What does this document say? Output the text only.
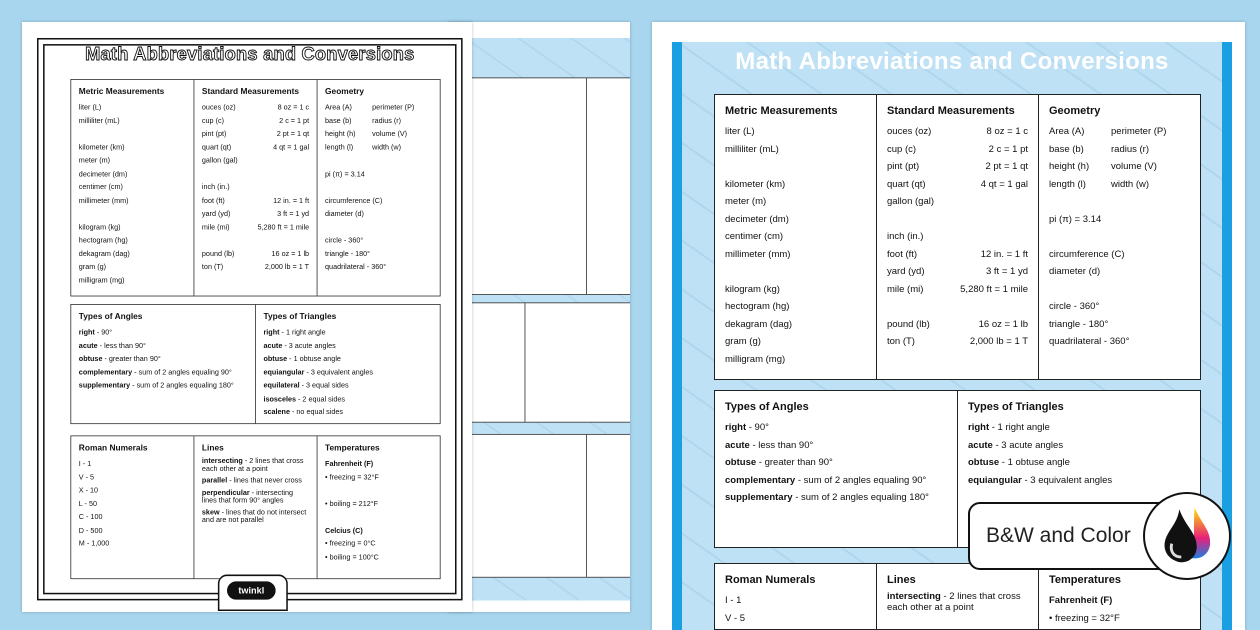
Math Abbreviations and Conversions
Metric Measurements
liter (L)
milliliter (mL)
kilometer (km)
meter (m)
decimeter (dm)
centimer (cm)
millimeter (mm)
kilogram (kg)
hectogram (hg)
dekagram (dag)
gram (g)
milligram (mg)
Standard Measurements
ouces (oz)	8 oz = 1 c
cup (c)	2 c = 1 pt
pint (pt)	2 pt = 1 qt
quart (qt)	4 qt = 1 gal
gallon (gal)
inch (in.)
foot (ft)	12 in. = 1 ft
yard (yd)	3 ft = 1 yd
mile (mi)	5,280 ft = 1 mile
pound (lb)	16 oz = 1 lb
ton (T)	2,000 lb = 1 T
Geometry
Area (A) perimeter (P)
base (b) radius (r)
height (h) volume (V)
length (l) width (w)
pi (π) = 3.14
circumference (C)
diameter (d)
circle - 360°
triangle - 180°
quadrilateral - 360°
Types of Angles
right - 90°
acute - less than 90°
obtuse - greater than 90°
complementary - sum of 2 angles equaling 90°
supplementary - sum of 2 angles equaling 180°
Types of Triangles
right - 1 right angle
acute - 3 acute angles
obtuse - 1 obtuse angle
equiangular - 3 equivalent angles
equilateral - 3 equal sides
isosceles - 2 equal sides
scalene - no equal sides
Roman Numerals
I - 1
V - 5
X - 10
L - 50
C - 100
D - 500
M - 1,000
Lines
intersecting - 2 lines that cross each other at a point
parallel - lines that never cross
perpendicular - intersecting lines that form 90° angles
skew - lines that do not intersect and are not parallel
Temperatures
Fahrenheit (F)
• freezing = 32°F
• boiling = 212°F
Celcius (C)
• freezing = 0°C
• boiling = 100°C
twinkl
Math Abbreviations and Conversions
Metric Measurements
liter (L)
milliliter (mL)
kilometer (km)
meter (m)
decimeter (dm)
centimer (cm)
millimeter (mm)
kilogram (kg)
hectogram (hg)
dekagram (dag)
gram (g)
milligram (mg)
Standard Measurements
ouces (oz)	8 oz = 1 c
cup (c)	2 c = 1 pt
pint (pt)	2 pt = 1 qt
quart (qt)	4 qt = 1 gal
gallon (gal)
inch (in.)
foot (ft)	12 in. = 1 ft
yard (yd)	3 ft = 1 yd
mile (mi)	5,280 ft = 1 mile
pound (lb)	16 oz = 1 lb
ton (T)	2,000 lb = 1 T
Geometry
Area (A)	perimeter (P)
base (b)	radius (r)
height (h) volume (V)
length (l)	width (w)
pi (π) = 3.14
circumference (C)
diameter (d)
circle - 360°
triangle - 180°
quadrilateral - 360°
Types of Angles
right - 90°
acute - less than 90°
obtuse - greater than 90°
complementary - sum of 2 angles equaling 90°
supplementary - sum of 2 angles equaling 180°
Types of Triangles
right - 1 right angle
acute - 3 acute angles
obtuse - 1 obtuse angle
equiangular - 3 equivalent angles
Roman Numerals
I - 1
V - 5
Lines
intersecting - 2 lines that cross each other at a point
Temperatures
Fahrenheit (F)
• freezing = 32°F
B&W and Color
